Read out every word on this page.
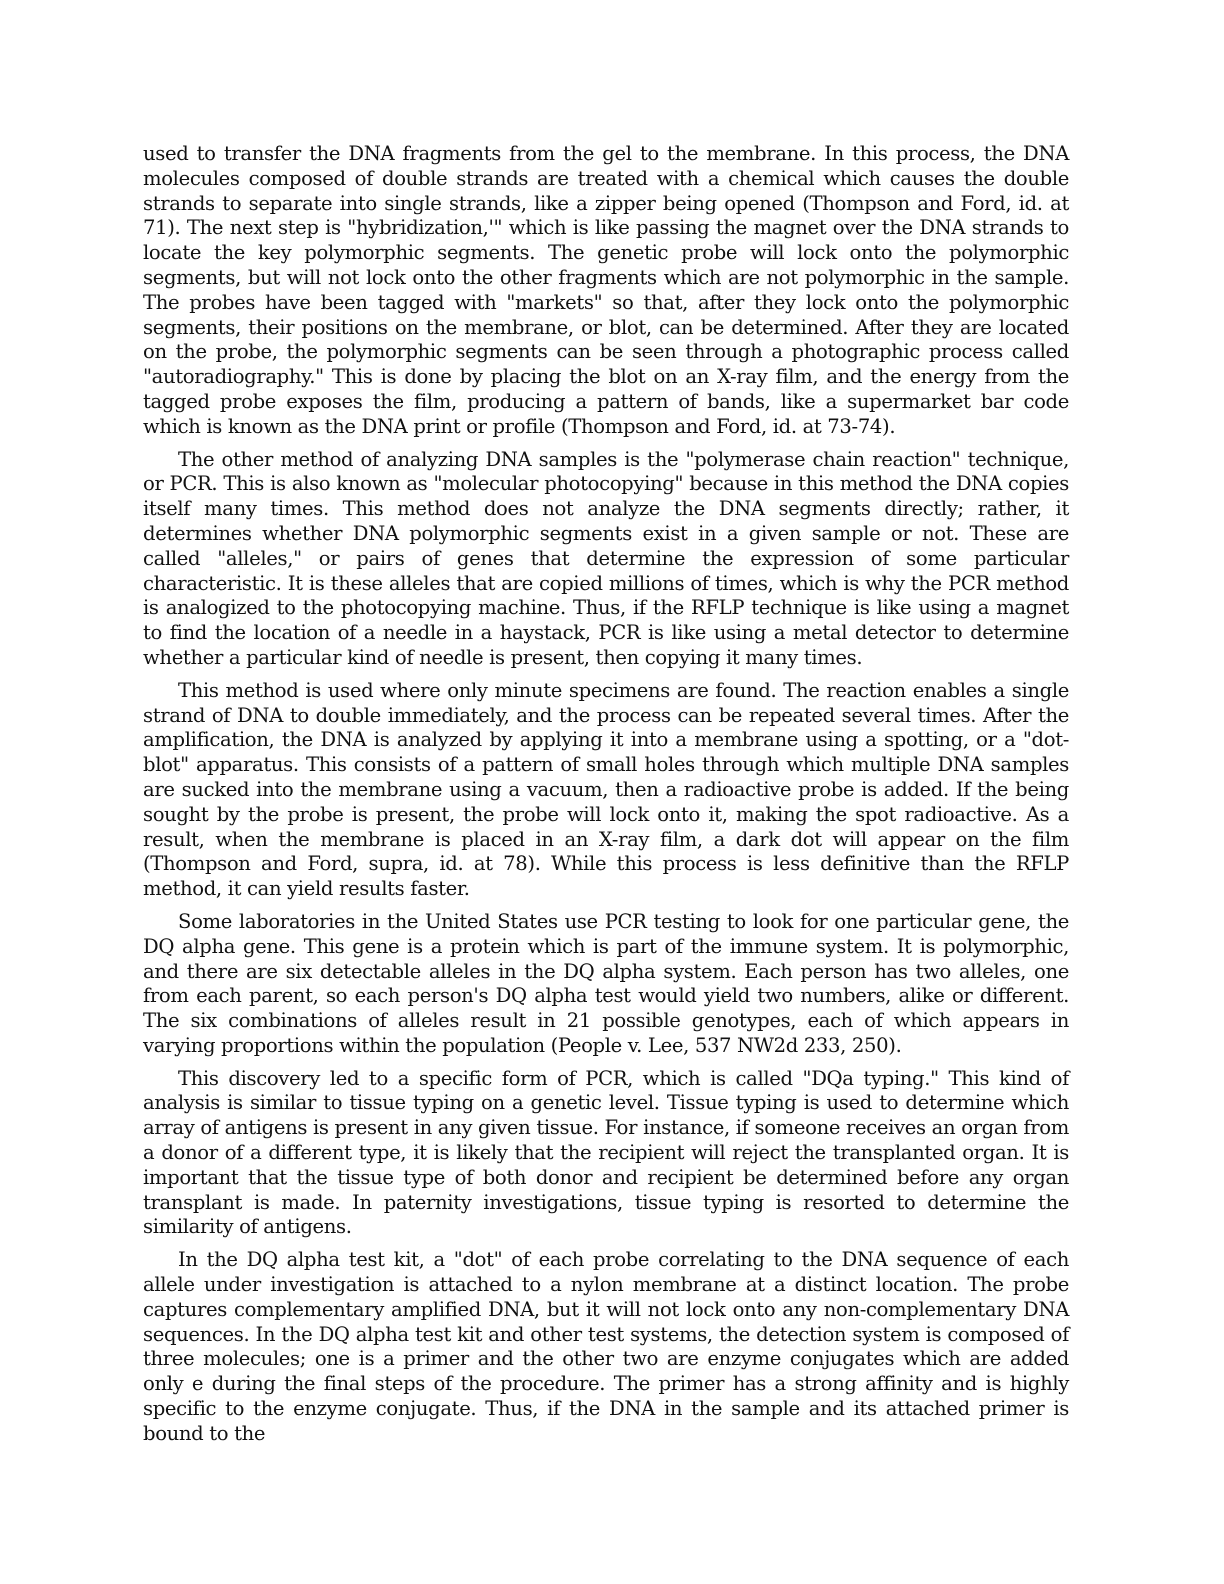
used to transfer the DNA fragments from the gel to the membrane. In this process, the DNA molecules composed of double strands are treated with a chemical which causes the double strands to separate into single strands, like a zipper being opened (Thompson and Ford, id. at 71). The next step is "hybridization,'" which is like passing the magnet over the DNA strands to locate the key polymorphic segments. The genetic probe will lock onto the polymorphic segments, but will not lock onto the other fragments which are not polymorphic in the sample. The probes have been tagged with "markets" so that, after they lock onto the polymorphic segments, their positions on the membrane, or blot, can be determined. After they are located on the probe, the polymorphic segments can be seen through a photographic process called "autoradiography." This is done by placing the blot on an X-ray film, and the energy from the tagged probe exposes the film, producing a pattern of bands, like a supermarket bar code which is known as the DNA print or profile (Thompson and Ford, id. at 73-74).

The other method of analyzing DNA samples is the "polymerase chain reaction" technique, or PCR. This is also known as "molecular photocopying" because in this method the DNA copies itself many times. This method does not analyze the DNA segments directly; rather, it determines whether DNA polymorphic segments exist in a given sample or not. These are called "alleles," or pairs of genes that determine the expression of some particular characteristic. It is these alleles that are copied millions of times, which is why the PCR method is analogized to the photocopying machine. Thus, if the RFLP technique is like using a magnet to find the location of a needle in a haystack, PCR is like using a metal detector to determine whether a particular kind of needle is present, then copying it many times.

This method is used where only minute specimens are found. The reaction enables a single strand of DNA to double immediately, and the process can be repeated several times. After the amplification, the DNA is analyzed by applying it into a membrane using a spotting, or a "dot-blot" apparatus. This consists of a pattern of small holes through which multiple DNA samples are sucked into the membrane using a vacuum, then a radioactive probe is added. If the being sought by the probe is present, the probe will lock onto it, making the spot radioactive. As a result, when the membrane is placed in an X-ray film, a dark dot will appear on the film (Thompson and Ford, supra, id. at 78). While this process is less definitive than the RFLP method, it can yield results faster.

Some laboratories in the United States use PCR testing to look for one particular gene, the DQ alpha gene. This gene is a protein which is part of the immune system. It is polymorphic, and there are six detectable alleles in the DQ alpha system. Each person has two alleles, one from each parent, so each person's DQ alpha test would yield two numbers, alike or different. The six combinations of alleles result in 21 possible genotypes, each of which appears in varying proportions within the population (People v. Lee, 537 NW2d 233, 250).

This discovery led to a specific form of PCR, which is called "DQa typing." This kind of analysis is similar to tissue typing on a genetic level. Tissue typing is used to determine which array of antigens is present in any given tissue. For instance, if someone receives an organ from a donor of a different type, it is likely that the recipient will reject the transplanted organ. It is important that the tissue type of both donor and recipient be determined before any organ transplant is made. In paternity investigations, tissue typing is resorted to determine the similarity of antigens.

In the DQ alpha test kit, a "dot" of each probe correlating to the DNA sequence of each allele under investigation is attached to a nylon membrane at a distinct location. The probe captures complementary amplified DNA, but it will not lock onto any non-complementary DNA sequences. In the DQ alpha test kit and other test systems, the detection system is composed of three molecules; one is a primer and the other two are enzyme conjugates which are added only e during the final steps of the procedure. The primer has a strong affinity and is highly specific to the enzyme conjugate. Thus, if the DNA in the sample and its attached primer is bound to the
